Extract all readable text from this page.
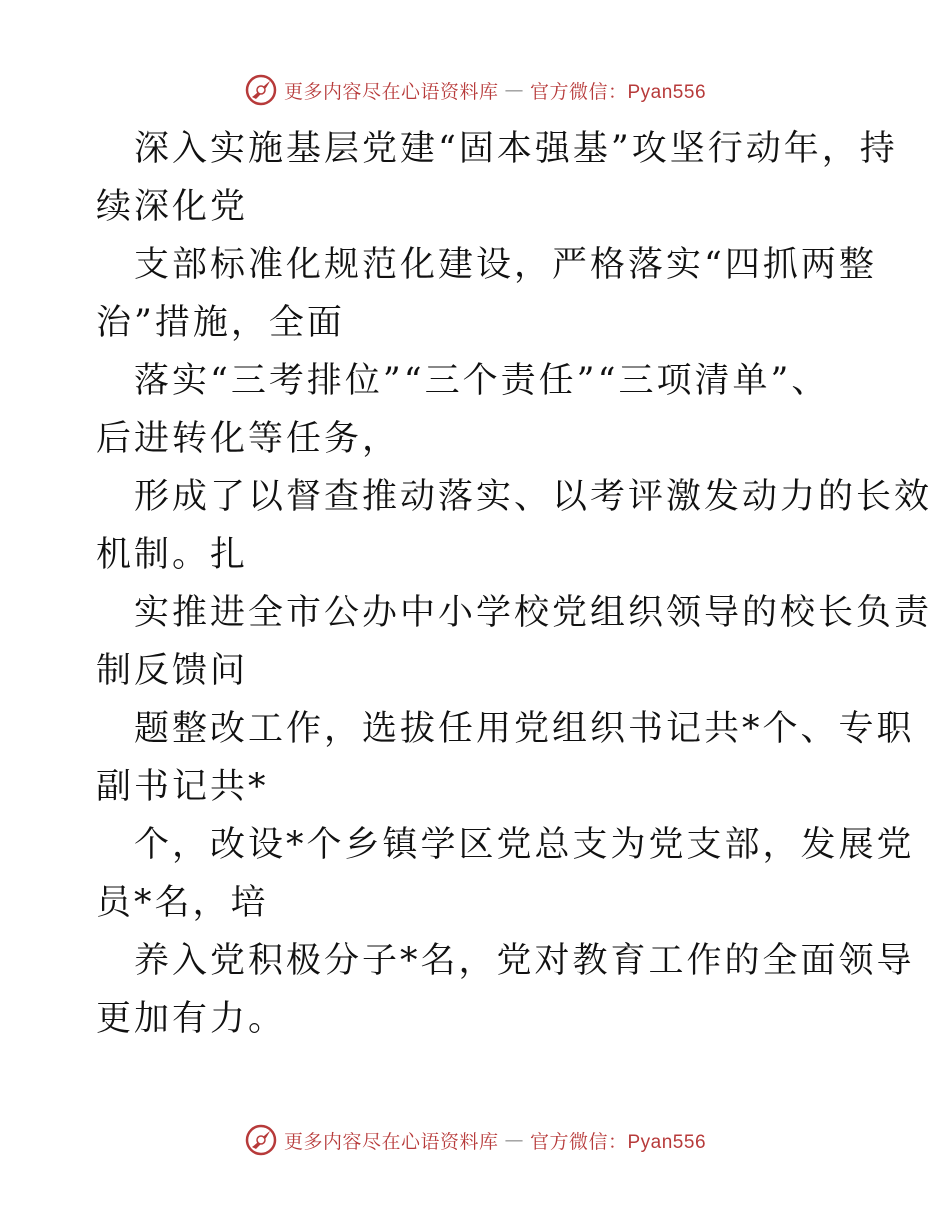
更多内容尽在心语资料库 — 官方微信：Pyan556
深入实施基层党建“固本强基”攻坚行动年，持
续深化党
支部标准化规范化建设，严格落实“四抓两整
治”措施，全面
落实“三考排位”“三个责任”“三项清单”、
后进转化等任务，
形成了以督查推动落实、以考评激发动力的长效
机制。扎
实推进全市公办中小学校党组织领导的校长负责
制反馈问
题整改工作，选拔任用党组织书记共*个、专职
副书记共*
个，改设*个乡镇学区党总支为党支部，发展党
员*名，培
养入党积极分子*名，党对教育工作的全面领导
更加有力。
更多内容尽在心语资料库 — 官方微信：Pyan556
